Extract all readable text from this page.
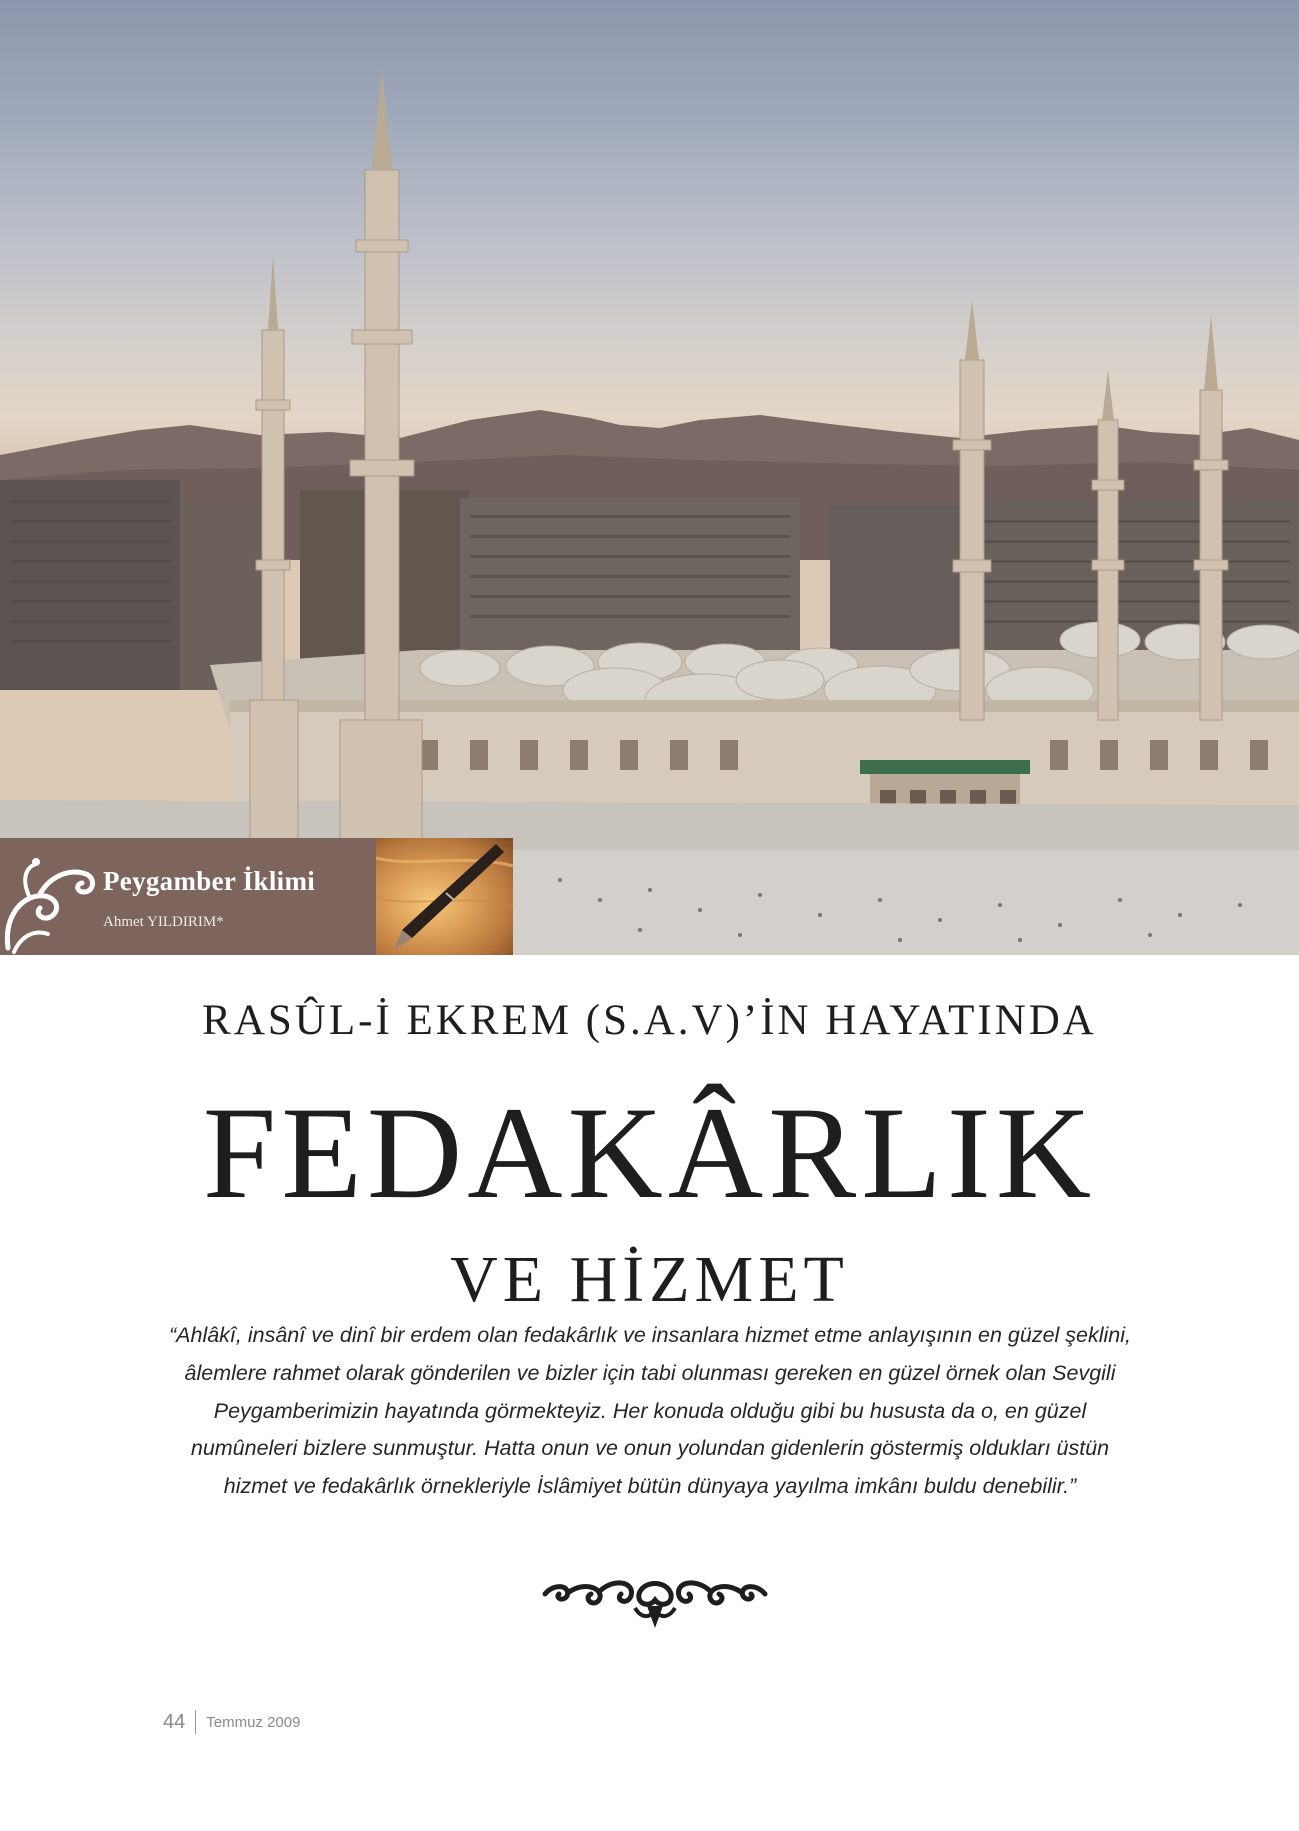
Peygamber İklimi

Ahmet YILDIRIM*

RASÛL-İ EKREM (S.A.V)’İN HAYATINDA
FEDAKÂRLIK
VE HİZMET

“Ahlâkî, insânî ve dinî bir erdem olan fedakârlık ve insanlara hizmet etme anlayışının en güzel şeklini, âlemlere rahmet olarak gönderilen ve bizler için tabi olunması gereken en güzel örnek olan Sevgili Peygamberimizin hayatında görmekteyiz. Her konuda olduğu gibi bu hususta da o, en güzel numûneleri bizlere sunmuştur. Hatta onun ve onun yolundan gidenlerin göstermiş oldukları üstün hizmet ve fedakârlık örnekleriyle İslâmiyet bütün dünyaya yayılma imkânı buldu denebilir.”

44 Temmuz 2009
